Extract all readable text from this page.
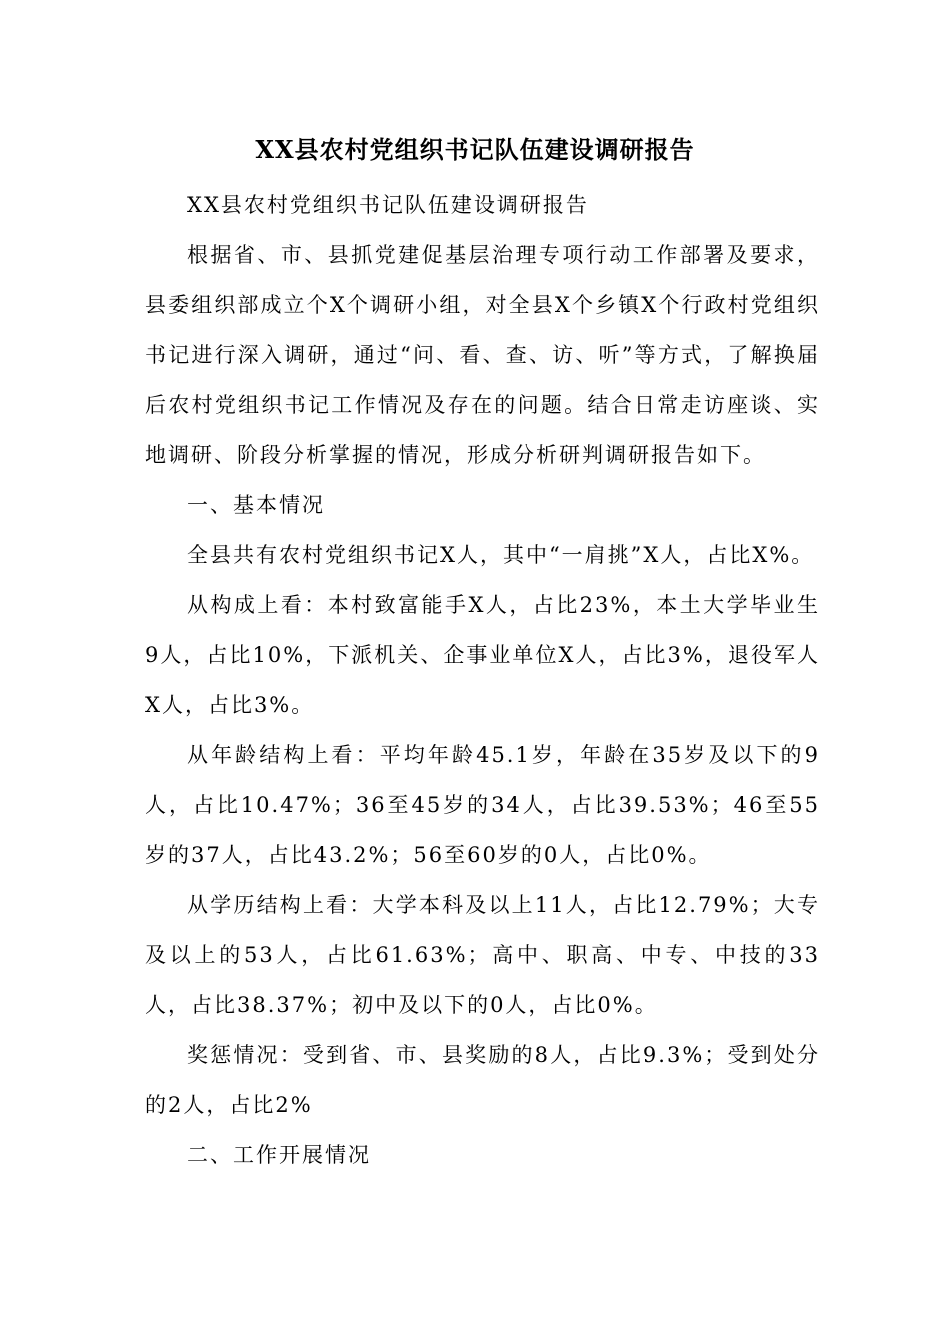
XX县农村党组织书记队伍建设调研报告

XX县农村党组织书记队伍建设调研报告

根据省、市、县抓党建促基层治理专项行动工作部署及要求，县委组织部成立个X个调研小组，对全县X个乡镇X个行政村党组织书记进行深入调研，通过“问、看、查、访、听”等方式，了解换届后农村党组织书记工作情况及存在的问题。结合日常走访座谈、实地调研、阶段分析掌握的情况，形成分析研判调研报告如下。

一、基本情况

全县共有农村党组织书记X人，其中“一肩挑”X人，占比X%。

从构成上看：本村致富能手X人，占比23%，本土大学毕业生9人，占比10%，下派机关、企事业单位X人，占比3%，退役军人X人，占比3%。

从年龄结构上看：平均年龄45.1岁，年龄在35岁及以下的9人，占比10.47%；36至45岁的34人，占比39.53%；46至55岁的37人，占比43.2%；56至60岁的0人，占比0%。

从学历结构上看：大学本科及以上11人，占比12.79%；大专及以上的53人，占比61.63%；高中、职高、中专、中技的33人，占比38.37%；初中及以下的0人，占比0%。

奖惩情况：受到省、市、县奖励的8人，占比9.3%；受到处分的2人，占比2%

二、工作开展情况
